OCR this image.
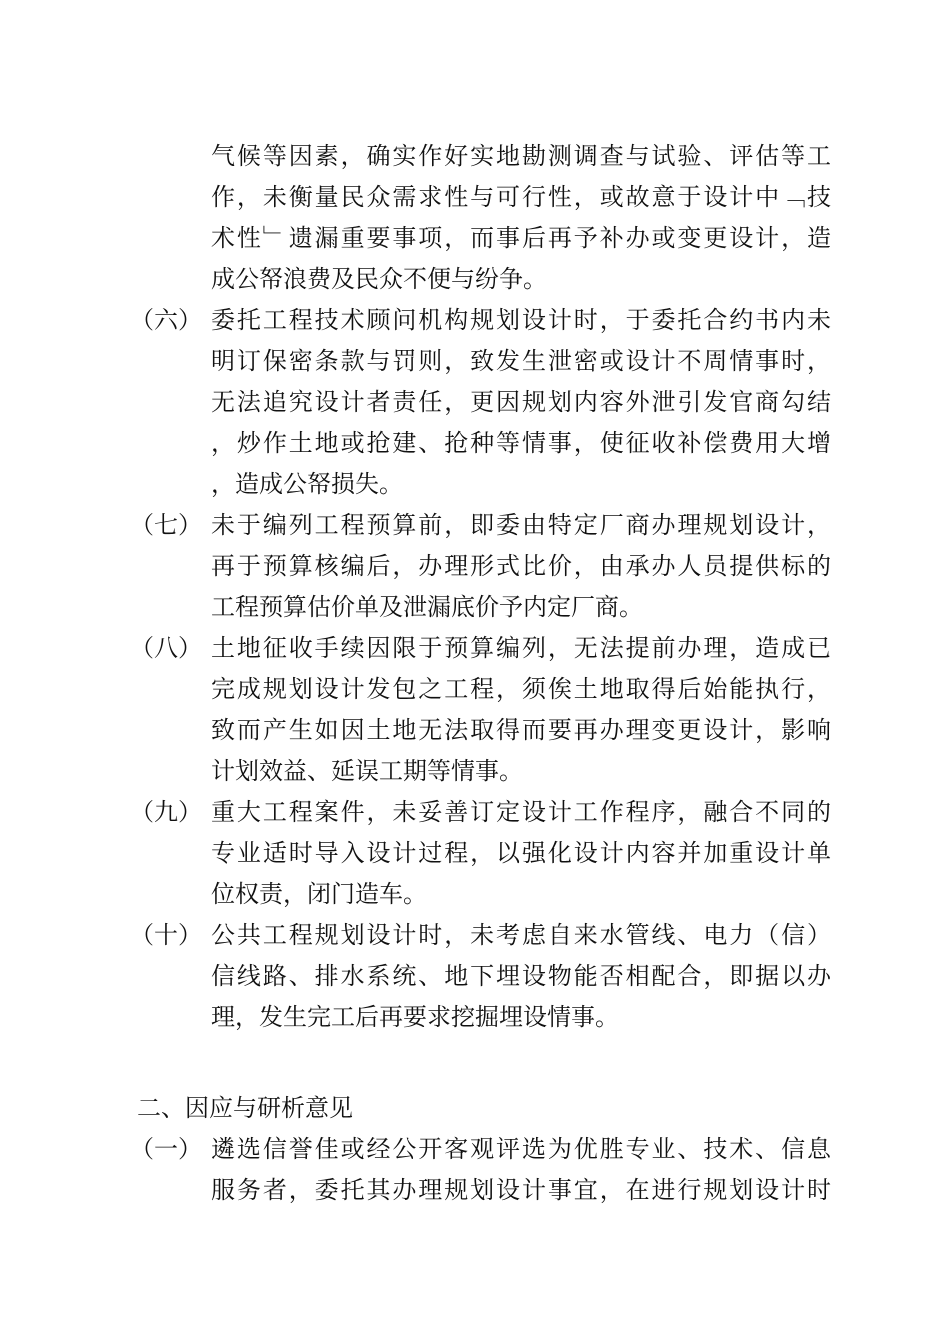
气候等因素，确实作好实地勘测调查与试验、评估等工
作，未衡量民众需求性与可行性，或故意于设计中﹁技
术性﹂遗漏重要事项，而事后再予补办或变更设计，造
成公帑浪费及民众不便与纷争。
（六） 委托工程技术顾问机构规划设计时，于委托合约书内未
明订保密条款与罚则，致发生泄密或设计不周情事时，
无法追究设计者责任，更因规划内容外泄引发官商勾结
，炒作土地或抢建、抢种等情事，使征收补偿费用大增
，造成公帑损失。
（七） 未于编列工程预算前，即委由特定厂商办理规划设计，
再于预算核编后，办理形式比价，由承办人员提供标的
工程预算估价单及泄漏底价予内定厂商。
（八） 土地征收手续因限于预算编列，无法提前办理，造成已
完成规划设计发包之工程，须俟土地取得后始能执行，
致而产生如因土地无法取得而要再办理变更设计，影响
计划效益、延误工期等情事。
（九） 重大工程案件，未妥善订定设计工作程序，融合不同的
专业适时导入设计过程，以强化设计内容并加重设计单
位权责，闭门造车。
（十） 公共工程规划设计时，未考虑自来水管线、电力（信）
信线路、排水系统、地下埋设物能否相配合，即据以办
理，发生完工后再要求挖掘埋设情事。
二、因应与研析意见
（一） 遴选信誉佳或经公开客观评选为优胜专业、技术、信息
服务者，委托其办理规划设计事宜，在进行规划设计时
